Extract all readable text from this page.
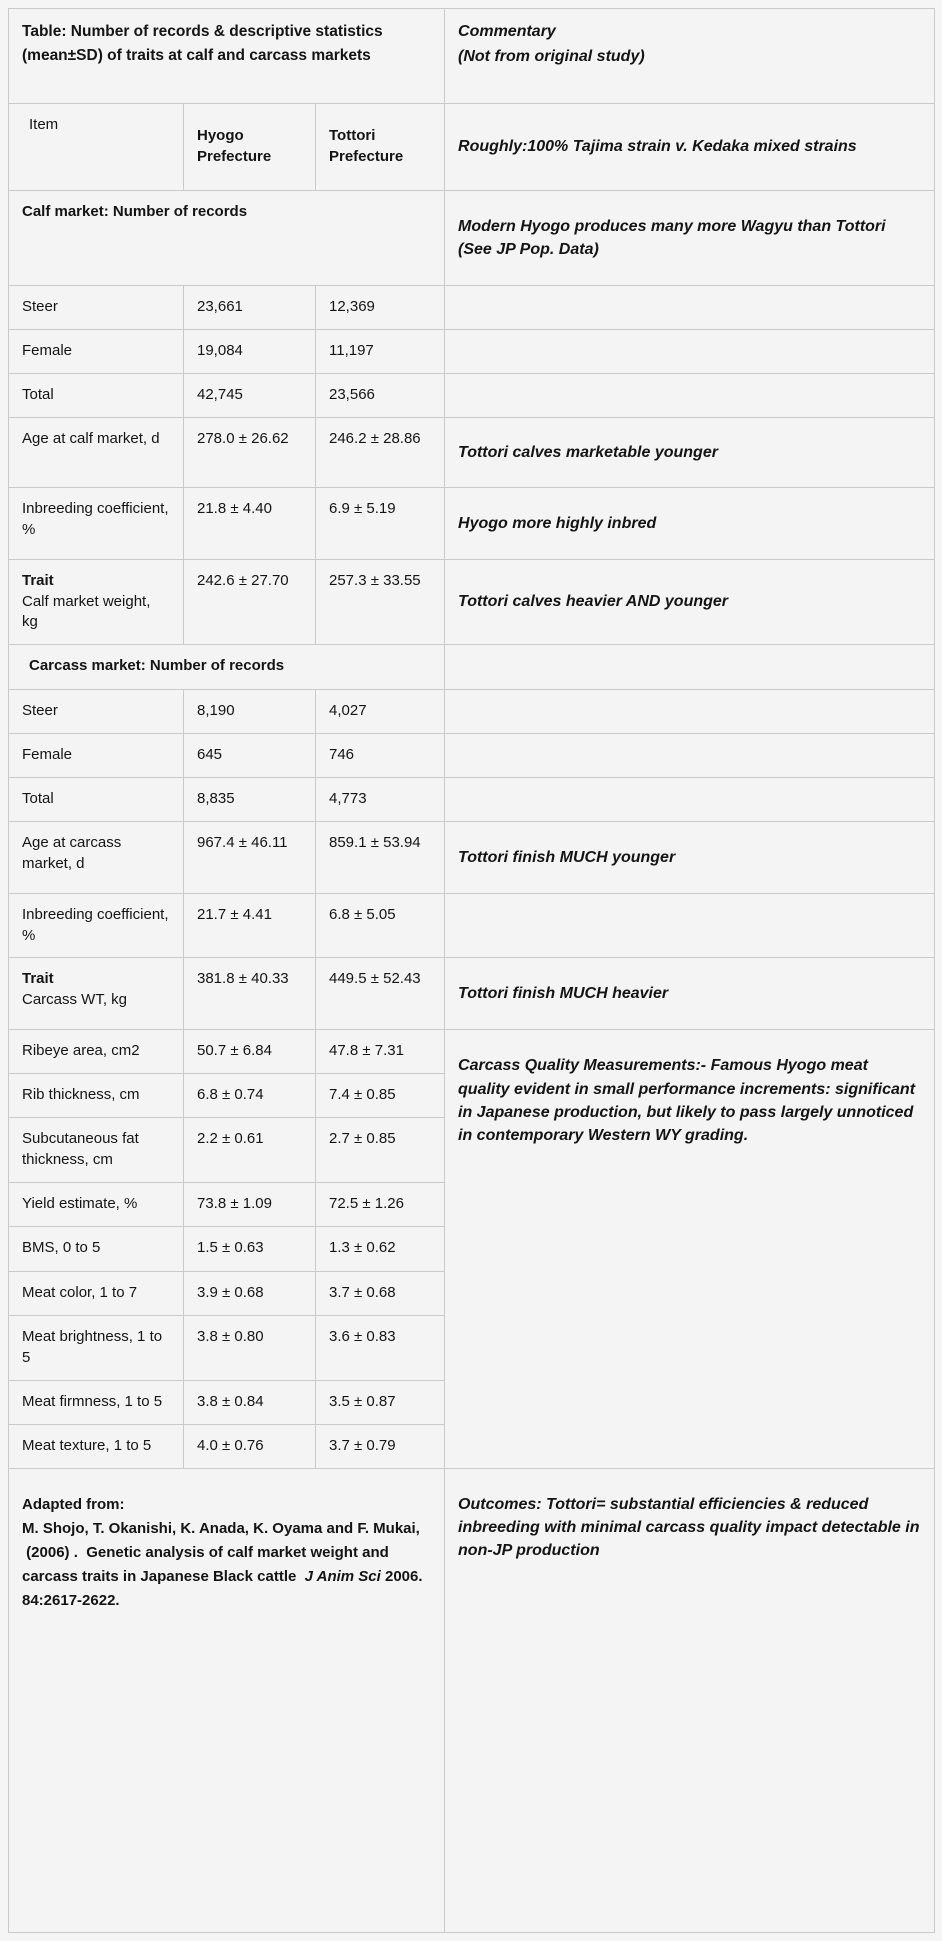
Table: Number of records & descriptive statistics (mean±SD) of traits at calf and carcass markets			Commentary
(Not from original study)

Item	Hyogo Prefecture	Tottori Prefecture	Roughly:100% Tajima strain v. Kedaka mixed strains
Calf market: Number of records			Modern Hyogo produces many more Wagyu than Tottori (See JP Pop. Data)
Steer	23,661	12,369	
Female	19,084	11,197	
Total	42,745	23,566	
Age at calf market, d	278.0 ± 26.62	246.2 ± 28.86	Tottori calves marketable younger
Inbreeding coefficient, %	21.8 ± 4.40	6.9 ± 5.19	Hyogo more highly inbred

Trait
Calf market weight, kg	242.6 ± 27.70	257.3 ± 33.55	Tottori calves heavier AND younger
Carcass market: Number of records			
Steer	8,190	4,027	
Female	645	746	
Total	8,835	4,773	
Age at carcass market, d	967.4 ± 46.11	859.1 ± 53.94	Tottori finish MUCH younger
Inbreeding coefficient, %	21.7 ± 4.41	6.8 ± 5.05	

Trait
Carcass WT, kg	381.8 ± 40.33	449.5 ± 52.43	Tottori finish MUCH heavier
Ribeye area, cm2	50.7 ± 6.84	47.8 ± 7.31	Carcass Quality Measurements:- Famous Hyogo meat quality evident in small performance increments: significant in Japanese production, but likely to pass largely unnoticed in contemporary Western WY grading.
Rib thickness, cm	6.8 ± 0.74	7.4 ± 0.85	
Subcutaneous fat thickness, cm	2.2 ± 0.61	2.7 ± 0.85	
Yield estimate, %	73.8 ± 1.09	72.5 ± 1.26	
BMS, 0 to 5	1.5 ± 0.63	1.3 ± 0.62	
Meat color, 1 to 7	3.9 ± 0.68	3.7 ± 0.68	
Meat brightness, 1 to 5	3.8 ± 0.80	3.6 ± 0.83	
Meat firmness, 1 to 5	3.8 ± 0.84	3.5 ± 0.87	
Meat texture, 1 to 5	4.0 ± 0.76	3.7 ± 0.79	

Adapted from:
M. Shojo, T. Okanishi, K. Anada, K. Oyama and F. Mukai,
(2006) .  Genetic analysis of calf market weight and carcass traits in Japanese Black cattle  J Anim Sci 2006. 84:2617-2622.			Outcomes: Tottori= substantial efficiencies & reduced inbreeding with minimal carcass quality impact detectable in non-JP production
